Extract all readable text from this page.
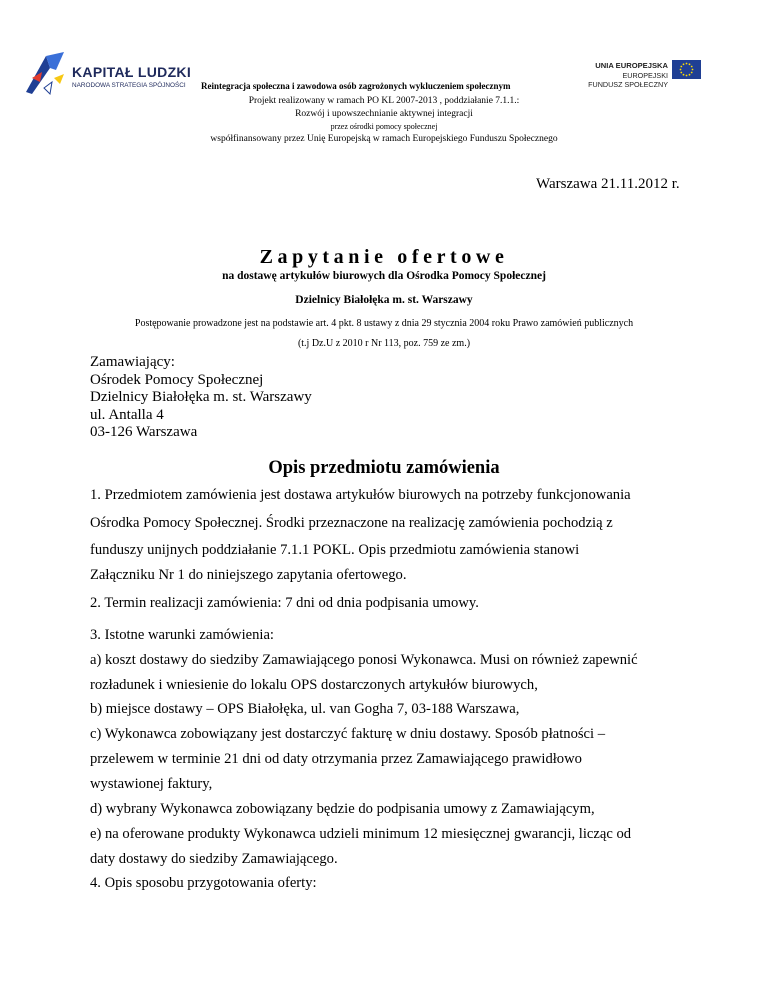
KAPITAŁ LUDZKI
NARODOWA STRATEGIA SPÓJNOŚCI
UNIA EUROPEJSKA
EUROPEJSKI
FUNDUSZ SPOŁECZNY
Reintegracja społeczna i zawodowa osób zagrożonych wykluczeniem społecznym
Projekt realizowany w ramach PO KL 2007-2013 , poddziałanie 7.1.1.:
Rozwój i upowszechnianie aktywnej integracji
przez ośrodki pomocy społecznej
współfinansowany przez Unię Europejską w ramach Europejskiego Funduszu Społecznego
Warszawa 21.11.2012 r.
Zapytanie ofertowe
na dostawę artykułów biurowych dla Ośrodka Pomocy Społecznej
Dzielnicy Białołęka m. st. Warszawy
Postępowanie prowadzone jest na podstawie art. 4 pkt. 8 ustawy z dnia 29 stycznia 2004 roku Prawo zamówień publicznych
(t.j Dz.U z 2010 r Nr 113, poz. 759 ze zm.)
Zamawiający:
Ośrodek Pomocy Społecznej
Dzielnicy Białołęka m. st. Warszawy
ul. Antalla 4
03-126 Warszawa
Opis przedmiotu zamówienia
1. Przedmiotem zamówienia jest dostawa artykułów biurowych na potrzeby funkcjonowania
Ośrodka Pomocy Społecznej. Środki przeznaczone na realizację zamówienia pochodzią z
funduszy unijnych poddziałanie 7.1.1 POKL. Opis przedmiotu zamówienia stanowi
Załączniku Nr 1 do niniejszego zapytania ofertowego.
2. Termin realizacji zamówienia: 7 dni od dnia podpisania umowy.
3. Istotne warunki zamówienia:
a) koszt dostawy do siedziby Zamawiającego ponosi Wykonawca. Musi on również zapewnić
rozładunek i wniesienie do lokalu OPS dostarczonych artykułów biurowych,
b) miejsce dostawy – OPS Białołęka, ul. van Gogha 7, 03-188 Warszawa,
c) Wykonawca zobowiązany jest dostarczyć fakturę w dniu dostawy. Sposób płatności –
przelewem w terminie 21 dni od daty otrzymania przez Zamawiającego prawidłowo
wystawionej faktury,
d) wybrany Wykonawca zobowiązany będzie do podpisania umowy z Zamawiającym,
e) na oferowane produkty Wykonawca udzieli minimum 12 miesięcznej gwarancji, licząc od
daty dostawy do siedziby Zamawiającego.
4. Opis sposobu przygotowania oferty:
